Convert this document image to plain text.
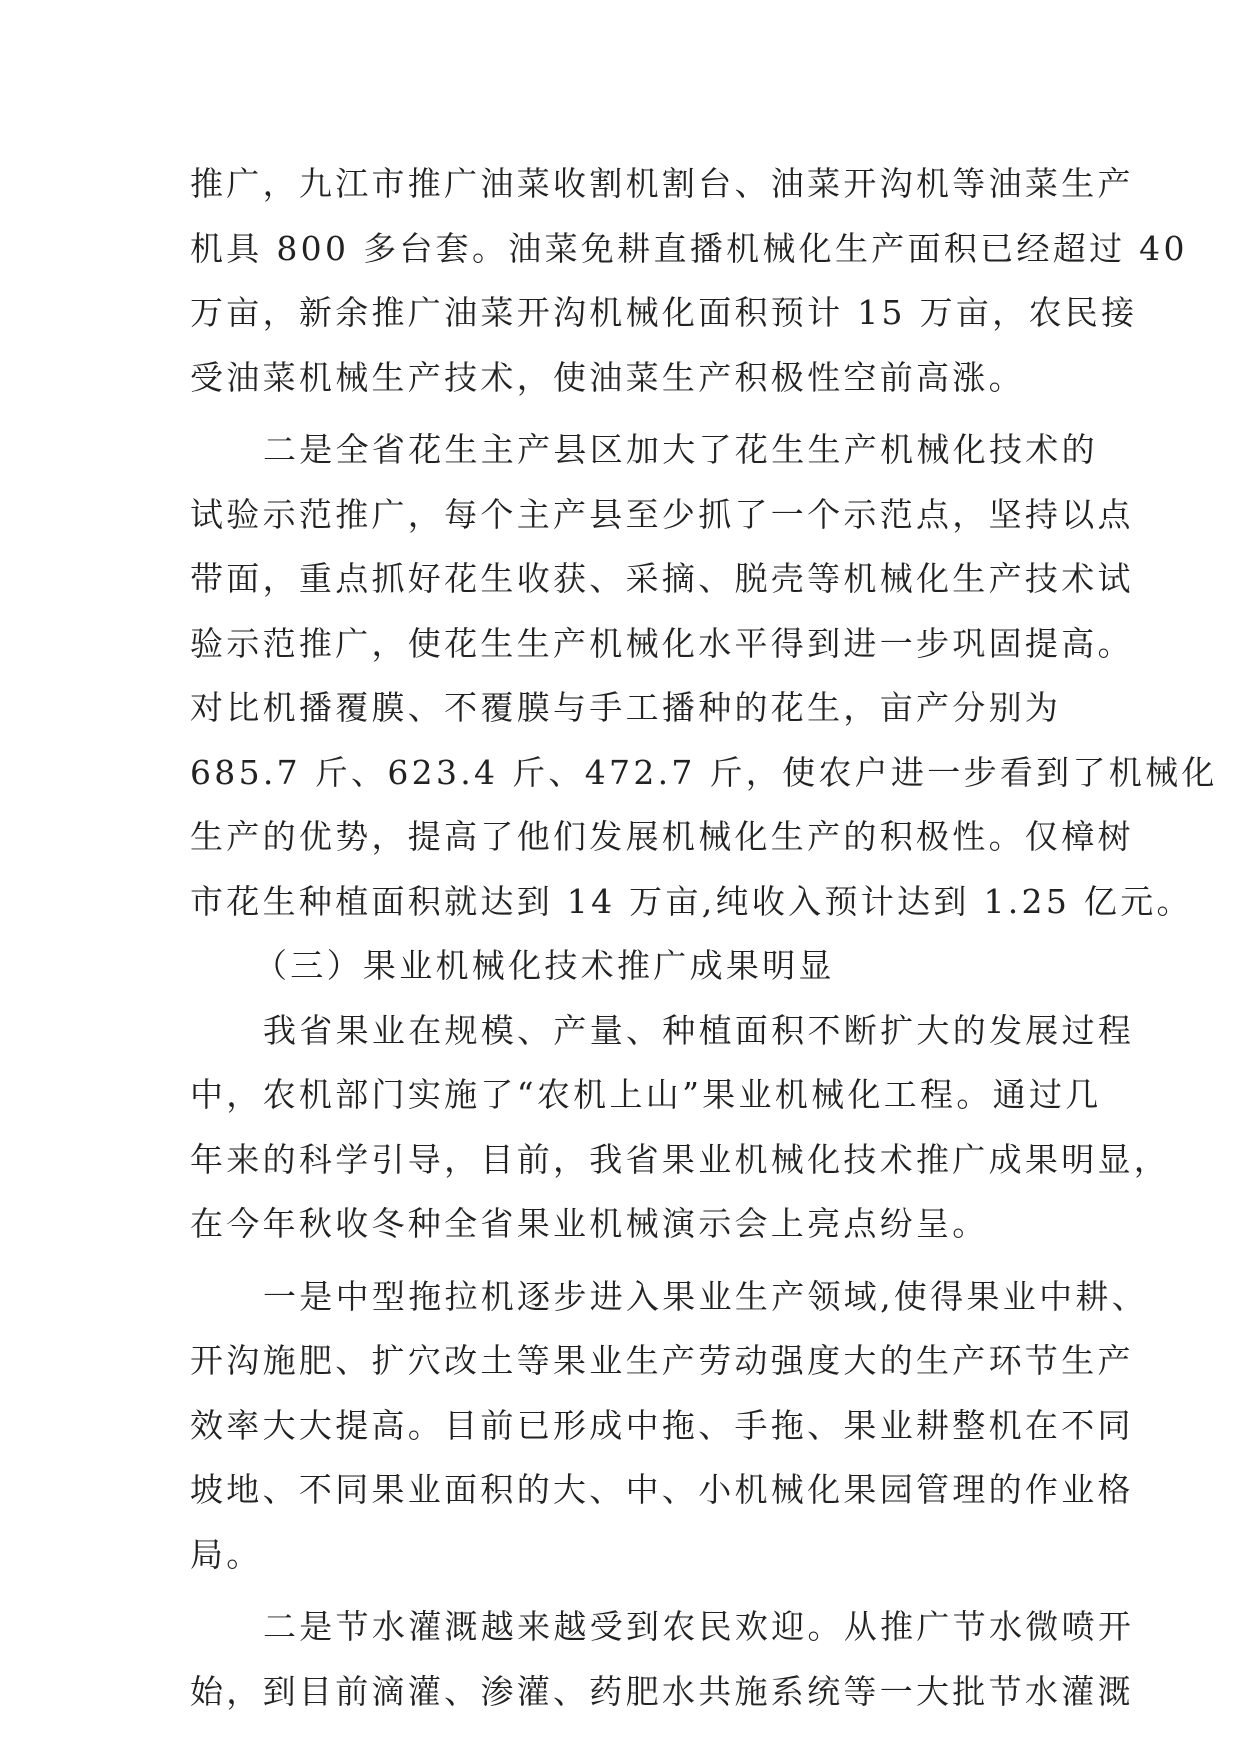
推广，九江市推广油菜收割机割台、油菜开沟机等油菜生产
机具 800 多台套。油菜免耕直播机械化生产面积已经超过 40
万亩，新余推广油菜开沟机械化面积预计 15 万亩，农民接
受油菜机械生产技术，使油菜生产积极性空前高涨。
二是全省花生主产县区加大了花生生产机械化技术的
试验示范推广，每个主产县至少抓了一个示范点，坚持以点
带面，重点抓好花生收获、采摘、脱壳等机械化生产技术试
验示范推广，使花生生产机械化水平得到进一步巩固提高。
对比机播覆膜、不覆膜与手工播种的花生，亩产分别为
685.7 斤、623.4 斤、472.7 斤，使农户进一步看到了机械化
生产的优势，提高了他们发展机械化生产的积极性。仅樟树
市花生种植面积就达到 14 万亩,纯收入预计达到 1.25 亿元。
（三）果业机械化技术推广成果明显
我省果业在规模、产量、种植面积不断扩大的发展过程
中，农机部门实施了“农机上山”果业机械化工程。通过几
年来的科学引导，目前，我省果业机械化技术推广成果明显，
在今年秋收冬种全省果业机械演示会上亮点纷呈。
一是中型拖拉机逐步进入果业生产领域,使得果业中耕、
开沟施肥、扩穴改土等果业生产劳动强度大的生产环节生产
效率大大提高。目前已形成中拖、手拖、果业耕整机在不同
坡地、不同果业面积的大、中、小机械化果园管理的作业格
局。
二是节水灌溉越来越受到农民欢迎。从推广节水微喷开
始，到目前滴灌、渗灌、药肥水共施系统等一大批节水灌溉
